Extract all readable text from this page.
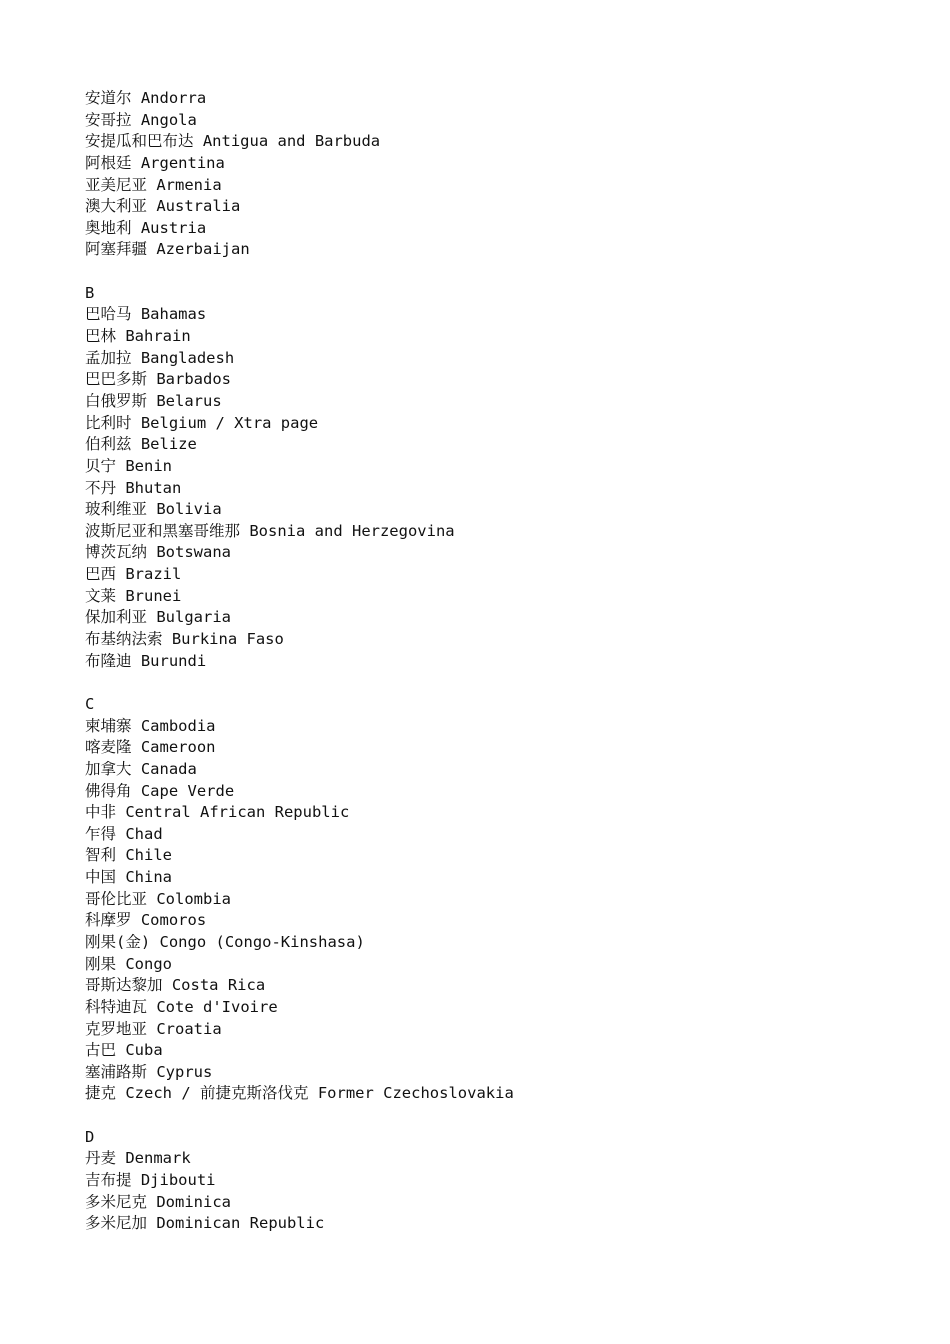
安道尔 Andorra
安哥拉 Angola
安提瓜和巴布达 Antigua and Barbuda
阿根廷 Argentina
亚美尼亚 Armenia
澳大利亚 Australia
奥地利 Austria
阿塞拜疆 Azerbaijan
B
巴哈马 Bahamas
巴林 Bahrain
孟加拉 Bangladesh
巴巴多斯 Barbados
白俄罗斯 Belarus
比利时 Belgium / Xtra page
伯利兹 Belize
贝宁 Benin
不丹 Bhutan
玻利维亚 Bolivia
波斯尼亚和黑塞哥维那 Bosnia and Herzegovina
博茨瓦纳 Botswana
巴西 Brazil
文莱 Brunei
保加利亚 Bulgaria
布基纳法索 Burkina Faso
布隆迪 Burundi
C
柬埔寨 Cambodia
喀麦隆 Cameroon
加拿大 Canada
佛得角 Cape Verde
中非 Central African Republic
乍得 Chad
智利 Chile
中国 China
哥伦比亚 Colombia
科摩罗 Comoros
刚果(金) Congo (Congo-Kinshasa)
刚果 Congo
哥斯达黎加 Costa Rica
科特迪瓦 Cote d'Ivoire
克罗地亚 Croatia
古巴 Cuba
塞浦路斯 Cyprus
捷克 Czech / 前捷克斯洛伐克 Former Czechoslovakia
D
丹麦 Denmark
吉布提 Djibouti
多米尼克 Dominica
多米尼加 Dominican Republic
